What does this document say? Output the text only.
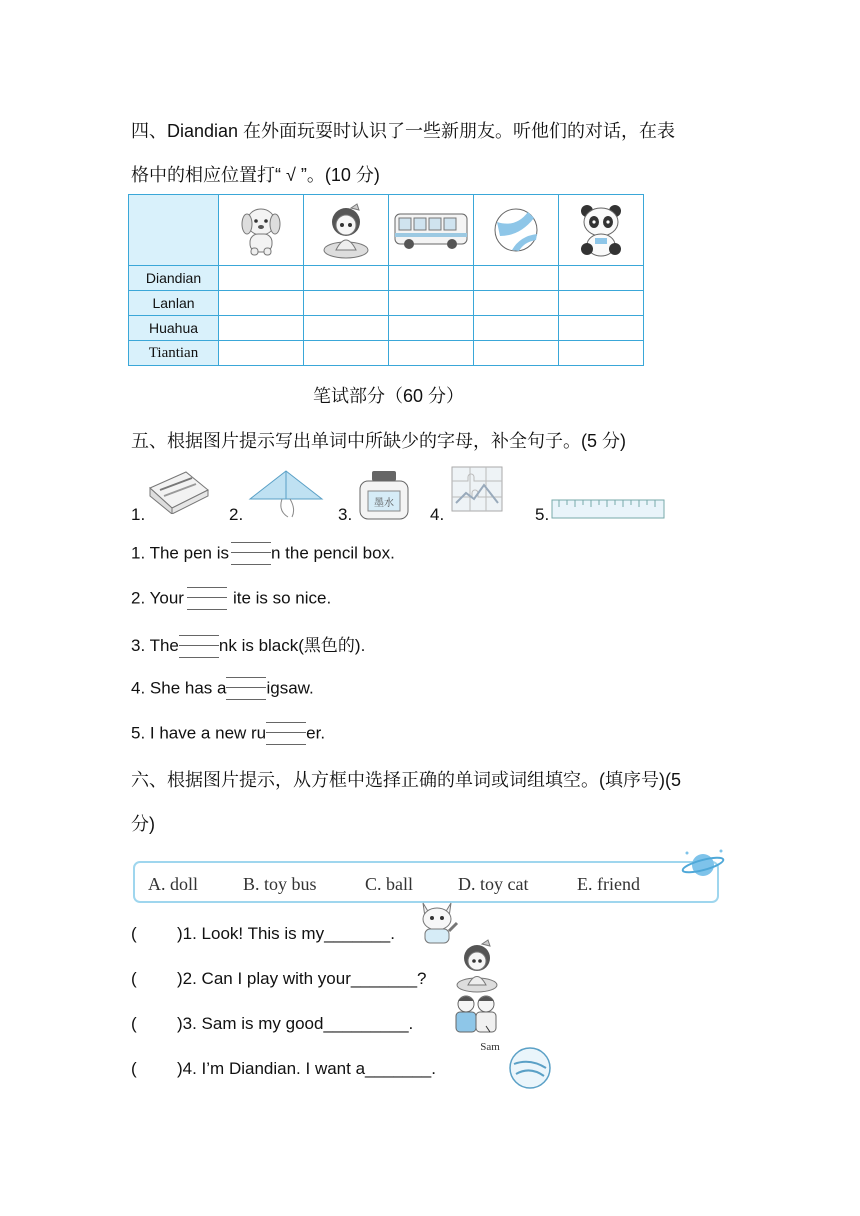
四、Diandian 在外面玩耍时认识了一些新朋友。听他们的对话，在表
格中的相应位置打“ √ ”。(10 分)

Diandian					
Lanlan					
Huahua					
Tiantian					
笔试部分（60 分）
五、根据图片提示写出单词中所缺少的字母，补全句子。(5 分)
1.	2.	3.
墨水
4.	5.
1. The pen is n the pencil box.
2. Your	ite is so nice.
3. The nk is black(黑色的).
4. She has a igsaw.
5. I have a new ru er.
六、根据图片提示，从方框中选择正确的单词或词组填空。(填序号)(5
分)
A. doll B. toy bus	C. ball	D. toy cat	E. friend
( )1. Look! This is my_______.
( )2. Can I play with your_______?
( )3. Sam is my good_________.
Sam
( )4. I’m Diandian. I want a_______.
